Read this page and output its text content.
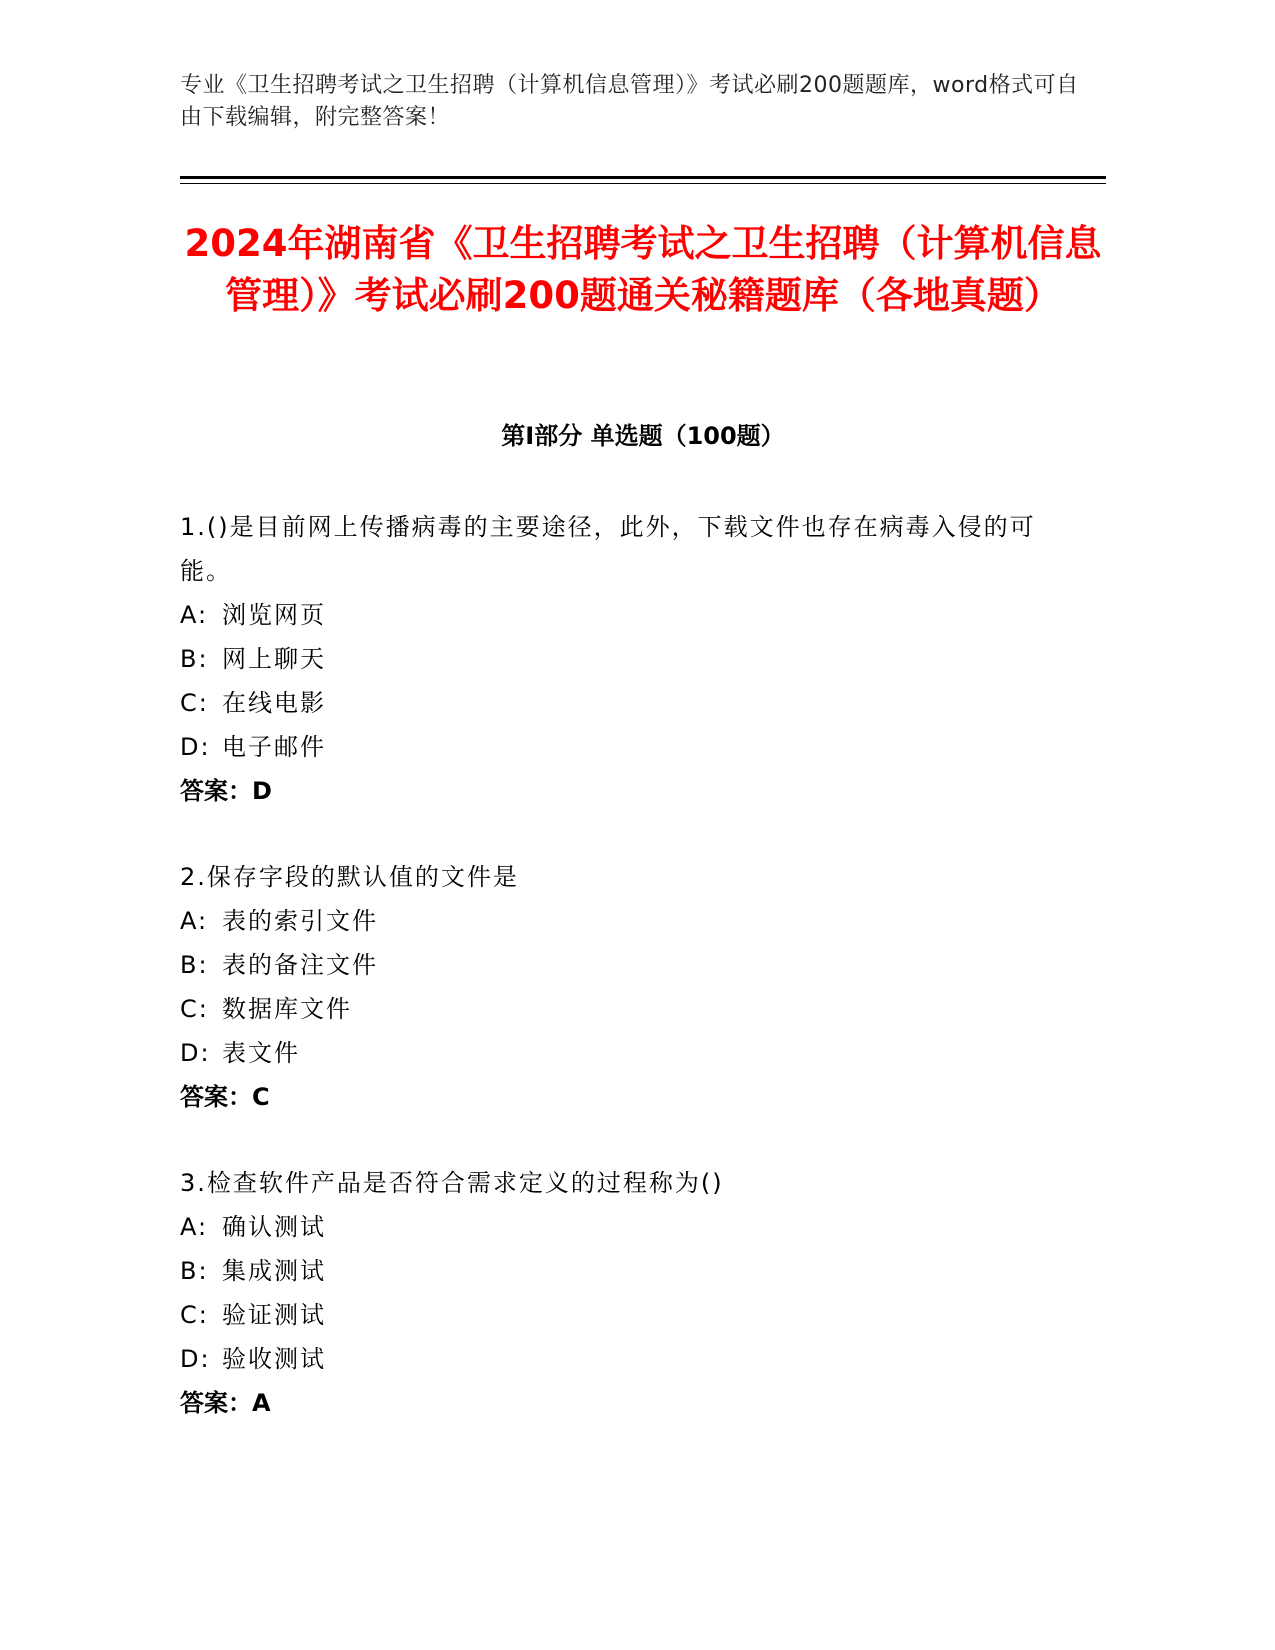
专业《卫生招聘考试之卫生招聘（计算机信息管理）》考试必刷200题题库，word格式可自由下载编辑，附完整答案！
2024年湖南省《卫生招聘考试之卫生招聘（计算机信息管理）》考试必刷200题通关秘籍题库（各地真题）
第Ⅰ部分 单选题（100题）
1.()是目前网上传播病毒的主要途径，此外，下载文件也存在病毒入侵的可能。
A: 浏览网页
B: 网上聊天
C: 在线电影
D: 电子邮件
答案：D
2.保存字段的默认值的文件是
A: 表的索引文件
B: 表的备注文件
C: 数据库文件
D: 表文件
答案：C
3.检查软件产品是否符合需求定义的过程称为()
A: 确认测试
B: 集成测试
C: 验证测试
D: 验收测试
答案：A
